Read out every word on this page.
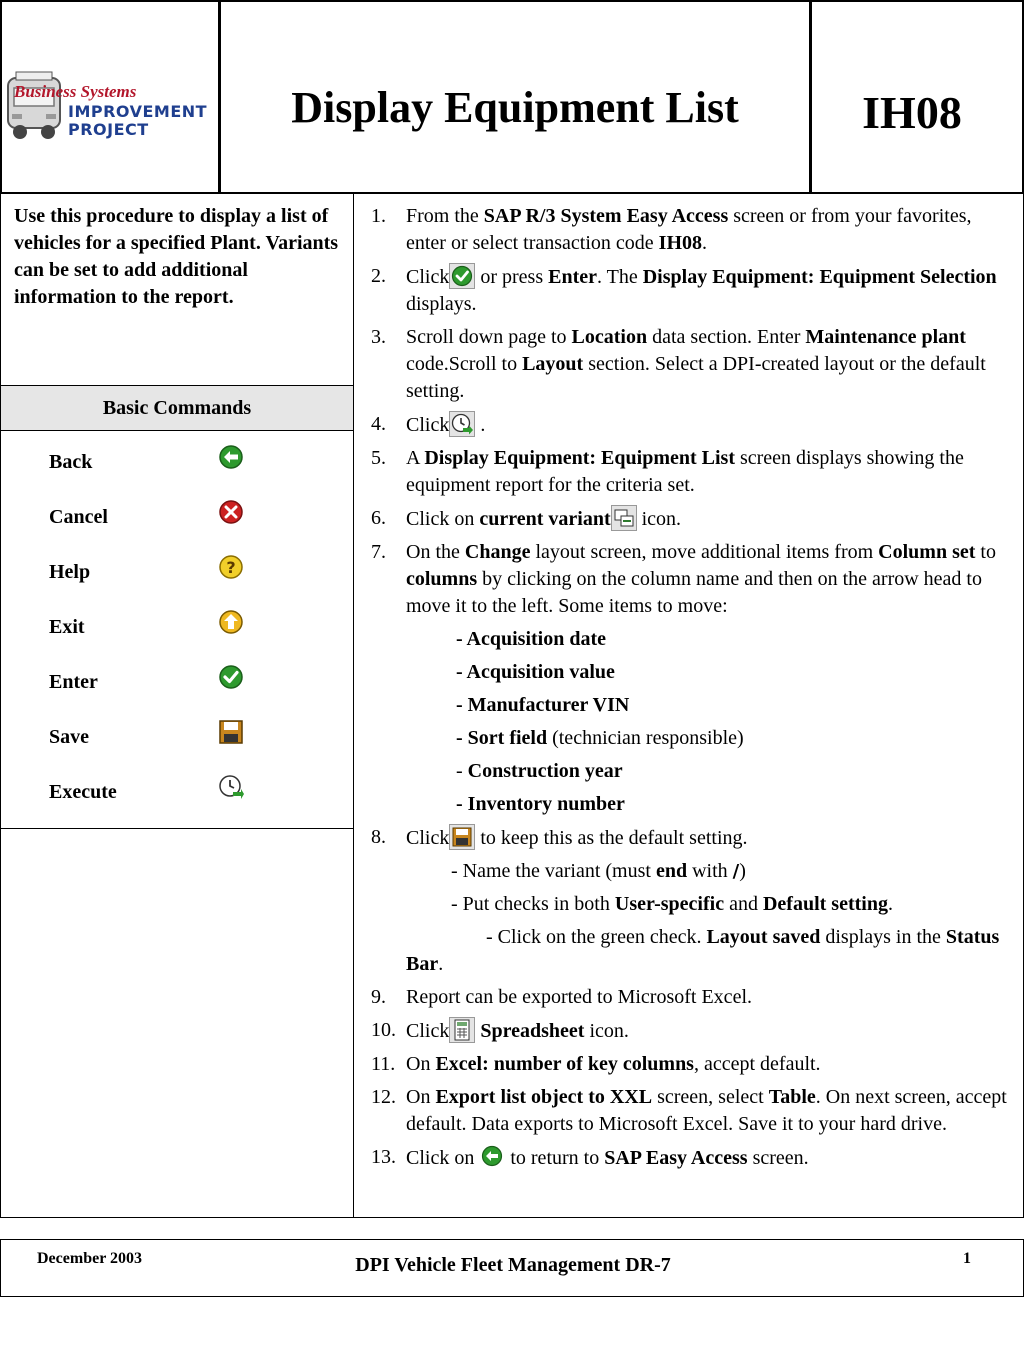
Business Systems
IMPROVEMENT
PROJECT	Display Equipment List	IH08
Use this procedure to display a list of vehicles for a specified Plant. Variants can be set to add additional information to the report.
Basic Commands
Back
Cancel
Help	?
Exit
Enter
Save
Execute
1. From the SAP R/3 System Easy Access screen or from your favorites, enter or select transaction code IH08.
2. Click or press Enter. The Display Equipment: Equipment Selection displays.
3. Scroll down page to Location data section. Enter Maintenance plant code.Scroll to Layout section. Select a DPI-created layout or the default setting.
4. Click .
5. A Display Equipment: Equipment List screen displays showing the equipment report for the criteria set.
6. Click on current variant icon.
7. On the Change layout screen, move additional items from Column set to columns by clicking on the column name and then on the arrow head to move it to the left. Some items to move:
- Acquisition date
- Acquisition value
- Manufacturer VIN
- Sort field (technician responsible)
- Construction year
- Inventory number
8. Click to keep this as the default setting.
- Name the variant (must end with /)
- Put checks in both User-specific and Default setting.
- Click on the green check. Layout saved displays in the Status Bar.
9. Report can be exported to Microsoft Excel.
10. Click Spreadsheet icon.
11. On Excel: number of key columns, accept default.
12. On Export list object to XXL screen, select Table. On next screen, accept default. Data exports to Microsoft Excel. Save it to your hard drive.
13. Click on  to return to SAP Easy Access screen.
December 2003	DPI Vehicle Fleet Management DR-7	1
